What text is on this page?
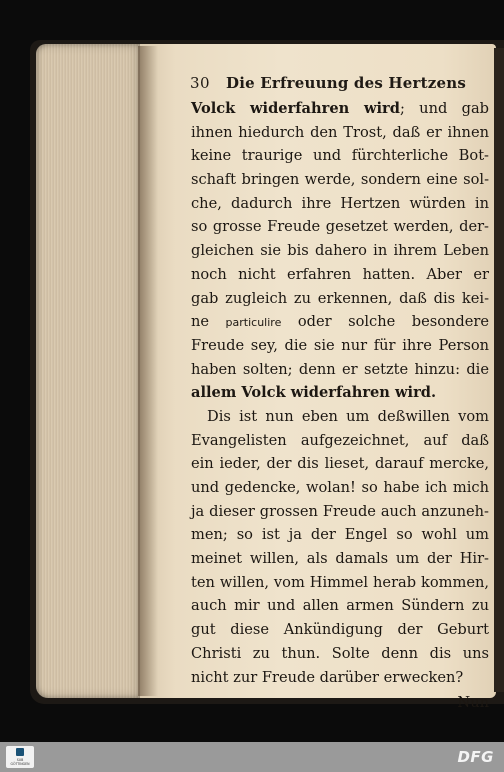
30 Die Erfreuung des Hertzens
Volck widerfahren wird; und gab
ihnen hiedurch den Trost, daß er ihnen
keine traurige und fürchterliche Bot-
schaft bringen werde, sondern eine sol-
che, dadurch ihre Hertzen würden in
so grosse Freude gesetzet werden, der-
gleichen sie bis dahero in ihrem Leben
noch nicht erfahren hatten. Aber er
gab zugleich zu erkennen, daß dis kei-
ne particulire oder solche besondere
Freude sey, die sie nur für ihre Person
haben solten; denn er setzte hinzu: die
allem Volck widerfahren wird.
Dis ist nun eben um deßwillen vom
Evangelisten aufgezeichnet, auf daß
ein ieder, der dis lieset, darauf mercke,
und gedencke, wolan! so habe ich mich
ja dieser grossen Freude auch anzuneh-
men; so ist ja der Engel so wohl um
meinet willen, als damals um der Hir-
ten willen, vom Himmel herab kommen,
auch mir und allen armen Sündern zu
gut diese Ankündigung der Geburt
Christi zu thun. Solte denn dis uns
nicht zur Freude darüber erwecken?
Nun
SUB GÖTTINGEN	DFG
